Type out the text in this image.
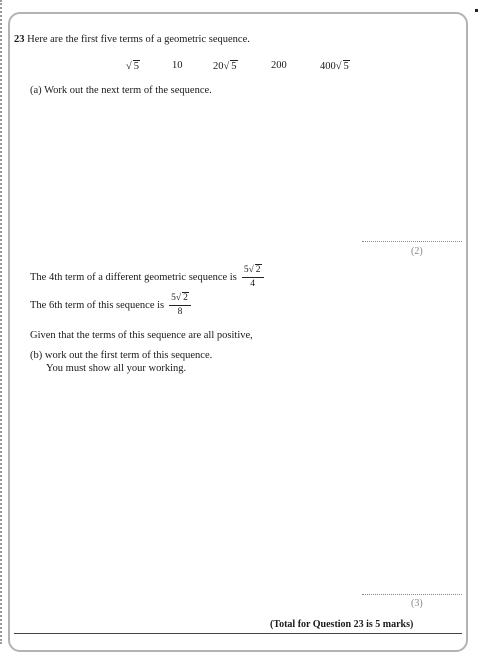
23 Here are the first five terms of a geometric sequence.
√ 5	10	20√ 5	200	400√ 5
(a) Work out the next term of the sequence.
(2)
The 4th term of a different geometric sequence is $\frac{5√ 2}{4}$
The 6th term of this sequence is $\frac{5√ 2}{8}$
Given that the terms of this sequence are all positive,
(b) work out the first term of this sequence.
You must show all your working.
(3)
(Total for Question 23 is 5 marks)
